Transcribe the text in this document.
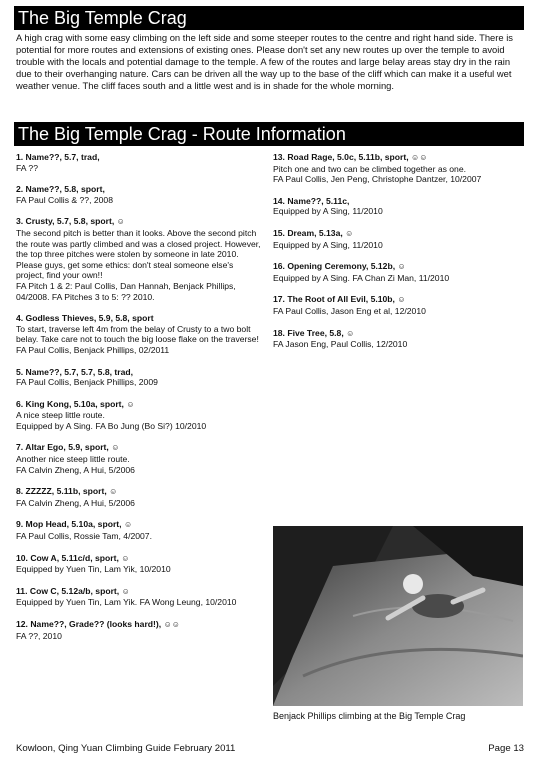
The Big Temple Crag

A high crag with some easy climbing on the left side and some steeper routes to the centre and right hand side. There is potential for more routes and extensions of existing ones. Please don't set any new routes up over the temple to avoid trouble with the locals and potential damage to the temple. A few of the routes and large belay areas stay dry in the rain due to their overhanging nature. Cars can be driven all the way up to the base of the cliff which can make it a useful wet weather venue. The cliff faces south and a little west and is in shade for the whole morning.

The Big Temple Crag - Route Information
1. Name??, 5.7, trad,
FA ??
2. Name??, 5.8, sport,
FA Paul Collis & ??, 2008
3. Crusty, 5.7, 5.8, sport, ☺
The second pitch is better than it looks. Above the second pitch the route was partly climbed and was a closed project. However, the top three pitches were stolen by someone in late 2010. Please guys, get some ethics: don't steal someone else's project, find your own!!
FA Pitch 1 & 2: Paul Collis, Dan Hannah, Benjack Phillips, 04/2008. FA Pitches 3 to 5: ?? 2010.
4. Godless Thieves, 5.9, 5.8, sport
To start, traverse left 4m from the belay of Crusty to a two bolt belay. Take care not to touch the big loose flake on the traverse!
FA Paul Collis, Benjack Phillips, 02/2011
5. Name??, 5.7, 5.7, 5.8, trad,
FA Paul Collis, Benjack Phillips, 2009
6. King Kong, 5.10a, sport, ☺
A nice steep little route.
Equipped by A Sing. FA Bo Jung (Bo Si?) 10/2010
7. Altar Ego, 5.9, sport, ☺
Another nice steep little route.
FA Calvin Zheng, A Hui, 5/2006
8. ZZZZZ, 5.11b, sport, ☺
FA Calvin Zheng, A Hui, 5/2006
9. Mop Head, 5.10a, sport, ☺
FA Paul Collis, Rossie Tam, 4/2007.
10. Cow A, 5.11c/d, sport, ☺
Equipped by Yuen Tin, Lam Yik, 10/2010
11. Cow C, 5.12a/b, sport, ☺
Equipped by Yuen Tin, Lam Yik. FA Wong Leung, 10/2010
12. Name??, Grade?? (looks hard!), ☺☺
FA ??, 2010
13. Road Rage, 5.0c, 5.11b, sport, ☺☺
Pitch one and two can be climbed together as one.
FA Paul Collis, Jen Peng, Christophe Dantzer, 10/2007
14. Name??, 5.11c,
Equipped by A Sing, 11/2010
15. Dream, 5.13a, ☺
Equipped by A Sing, 11/2010
16. Opening Ceremony, 5.12b, ☺
Equipped by A Sing. FA Chan Zi Man, 11/2010
17. The Root of All Evil, 5.10b, ☺
FA Paul Collis, Jason Eng et al, 12/2010
18. Five Tree, 5.8, ☺
FA Jason Eng, Paul Collis, 12/2010
Benjack Phillips climbing at the Big Temple Crag
Kowloon, Qing Yuan Climbing Guide February 2011	Page 13
